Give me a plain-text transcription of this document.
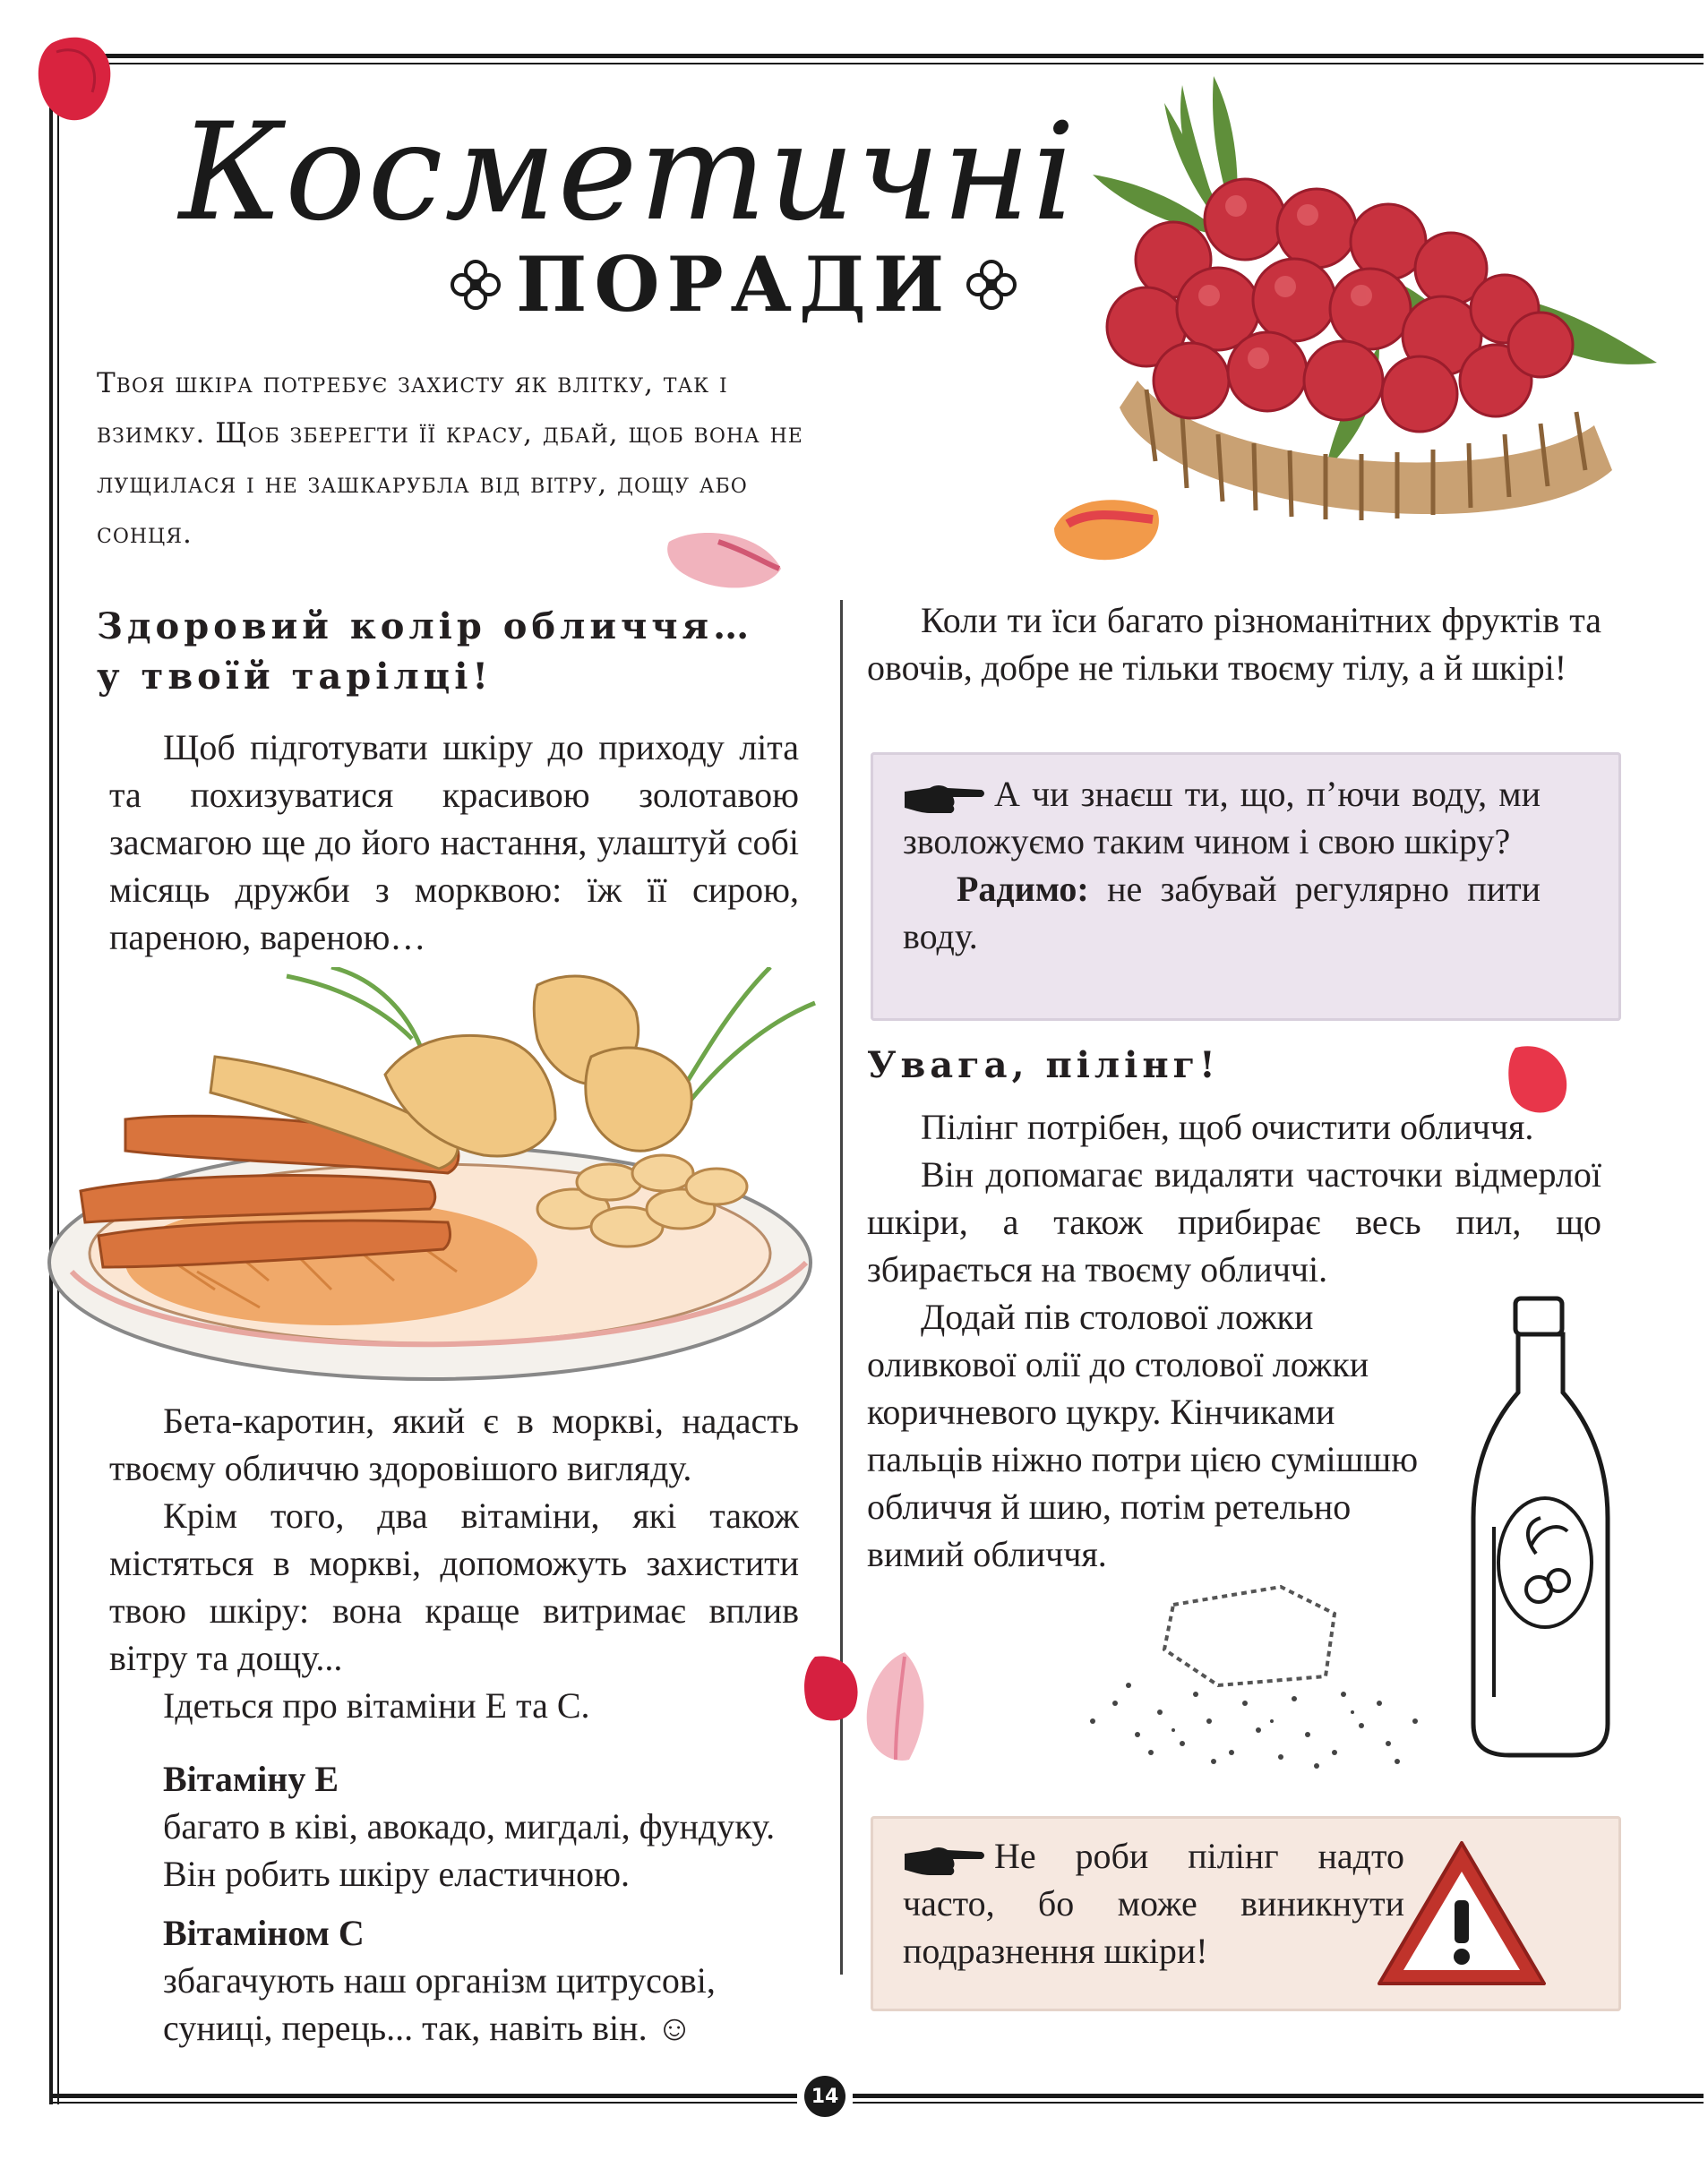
Косметичні
ПОРАДИ
Твоя шкіра потребує захисту як влітку, так і взимку. Щоб зберегти її красу, дбай, щоб вона не лущилася і не зашкарубла від вітру, дощу або сонця.
Здоровий колір обличчя…
у твоїй тарілці!
Щоб підготувати шкіру до приходу літа та похизуватися красивою золотавою засмагою ще до його настання, улаштуй собі місяць дружби з морквою: їж її сирою, пареною, вареною…
Бета-каротин, який є в моркві, надасть твоєму обличчю здоровішого вигляду.
Крім того, два вітаміни, які також містяться в моркві, допоможуть захистити твою шкіру: вона краще витримає вплив вітру та дощу...
Ідеться про вітаміни Е та С.
Вітаміну Е
багато в ківі, авокадо, мигдалі, фундуку. Він робить шкіру еластичною.
Вітаміном С
збагачують наш організм цитрусові, суниці, перець... так, навіть він. ☺
Коли ти їси багато різноманітних фруктів та овочів, добре не тільки твоєму тілу, а й шкірі!
А чи знаєш ти, що, п’ючи воду, ми зволожуємо таким чином і свою шкіру?
Радимо: не забувай регулярно пити воду.
Увага, пілінг!
Пілінг потрібен, щоб очистити обличчя.
Він допомагає видаляти часточки відмерлої шкіри, а також прибирає весь пил, що збирається на твоєму обличчі.
Додай пів столової ложки оливкової олії до столової ложки коричневого цукру. Кінчиками пальців ніжно потри цією сумішшю обличчя й шию, потім ретельно вимий обличчя.
Не роби пілінг надто часто, бо може виникнути подразнення шкіри!
14
